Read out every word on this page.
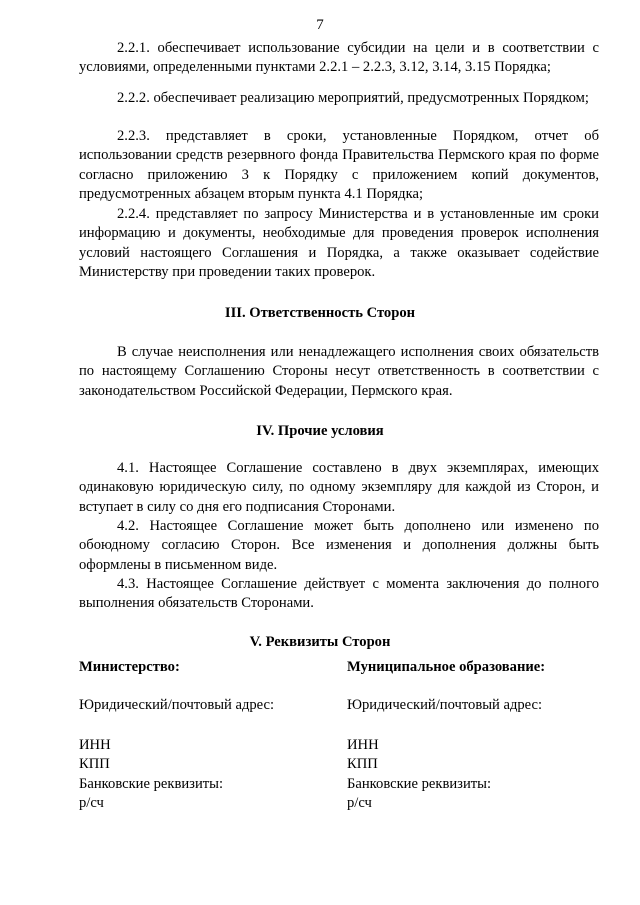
7

2.2.1. обеспечивает использование субсидии на цели и в соответствии с условиями, определенными пунктами 2.2.1 – 2.2.3, 3.12, 3.14, 3.15 Порядка;

2.2.2. обеспечивает реализацию мероприятий, предусмотренных Порядком;

2.2.3. представляет в сроки, установленные Порядком, отчет об использовании средств резервного фонда Правительства Пермского края по форме согласно приложению 3 к Порядку с приложением копий документов, предусмотренных абзацем вторым пункта 4.1 Порядка;

2.2.4. представляет по запросу Министерства и в установленные им сроки информацию и документы, необходимые для проведения проверок исполнения условий настоящего Соглашения и Порядка, а также оказывает содействие Министерству при проведении таких проверок.

III. Ответственность Сторон

В случае неисполнения или ненадлежащего исполнения своих обязательств по настоящему Соглашению Стороны несут ответственность в соответствии с законодательством Российской Федерации, Пермского края.

IV. Прочие условия

4.1. Настоящее Соглашение составлено в двух экземплярах, имеющих одинаковую юридическую силу, по одному экземпляру для каждой из Сторон, и вступает в силу со дня его подписания Сторонами.

4.2. Настоящее Соглашение может быть дополнено или изменено по обоюдному согласию Сторон. Все изменения и дополнения должны быть оформлены в письменном виде.

4.3. Настоящее Соглашение действует с момента заключения до полного выполнения обязательств Сторонами.

V. Реквизиты Сторон
Министерство:
Юридический/почтовый адрес:
ИНН
КПП
Банковские реквизиты:
р/сч
Муниципальное образование:
Юридический/почтовый адрес:
ИНН
КПП
Банковские реквизиты:
р/сч
